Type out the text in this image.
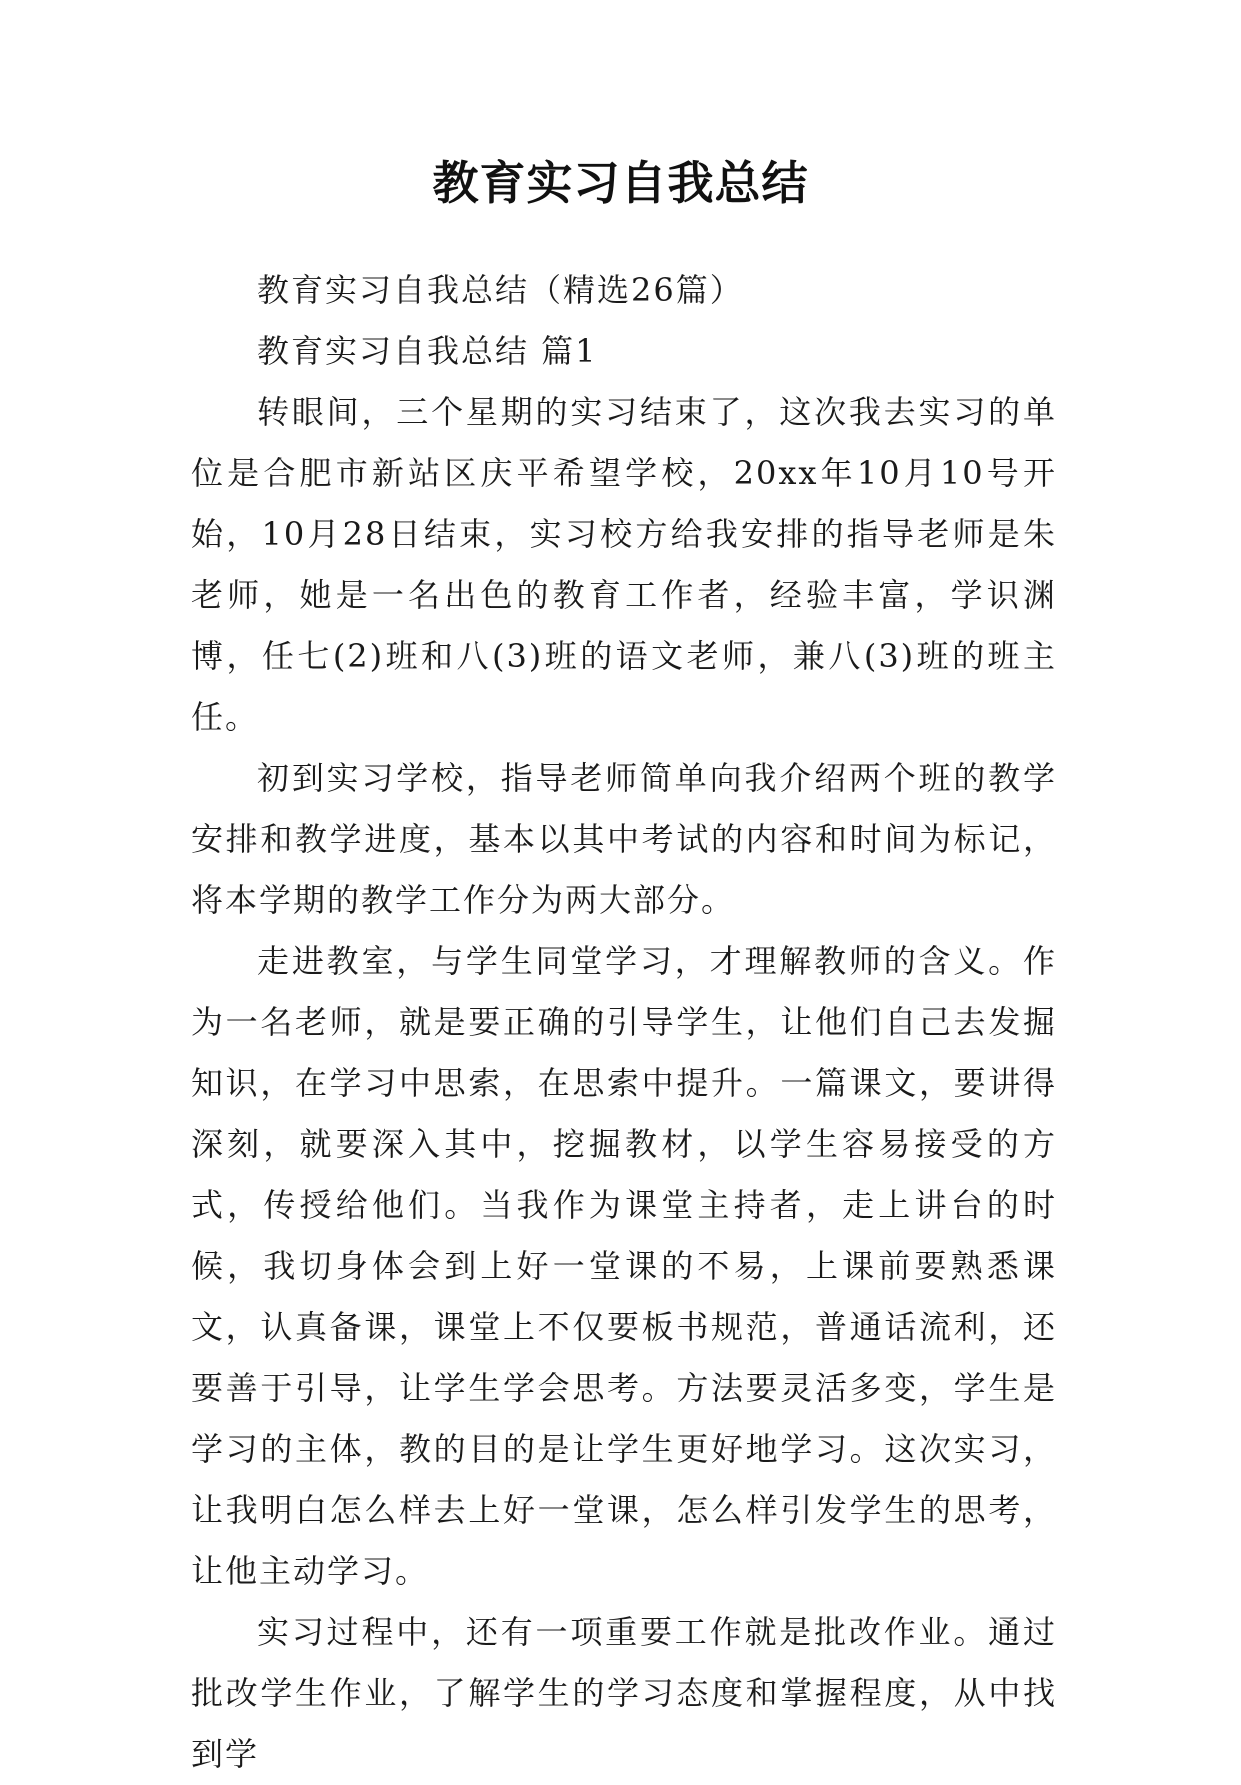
教育实习自我总结

教育实习自我总结（精选26篇）

教育实习自我总结 篇1

转眼间，三个星期的实习结束了，这次我去实习的单位是合肥市新站区庆平希望学校，20xx年10月10号开始，10月28日结束，实习校方给我安排的指导老师是朱老师，她是一名出色的教育工作者，经验丰富，学识渊博，任七(2)班和八(3)班的语文老师，兼八(3)班的班主任。

初到实习学校，指导老师简单向我介绍两个班的教学安排和教学进度，基本以其中考试的内容和时间为标记，将本学期的教学工作分为两大部分。

走进教室，与学生同堂学习，才理解教师的含义。作为一名老师，就是要正确的引导学生，让他们自己去发掘知识，在学习中思索，在思索中提升。一篇课文，要讲得深刻，就要深入其中，挖掘教材，以学生容易接受的方式，传授给他们。当我作为课堂主持者，走上讲台的时候，我切身体会到上好一堂课的不易，上课前要熟悉课文，认真备课，课堂上不仅要板书规范，普通话流利，还要善于引导，让学生学会思考。方法要灵活多变，学生是学习的主体，教的目的是让学生更好地学习。这次实习，让我明白怎么样去上好一堂课，怎么样引发学生的思考，让他主动学习。

实习过程中，还有一项重要工作就是批改作业。通过批改学生作业，了解学生的学习态度和掌握程度，从中找到学
